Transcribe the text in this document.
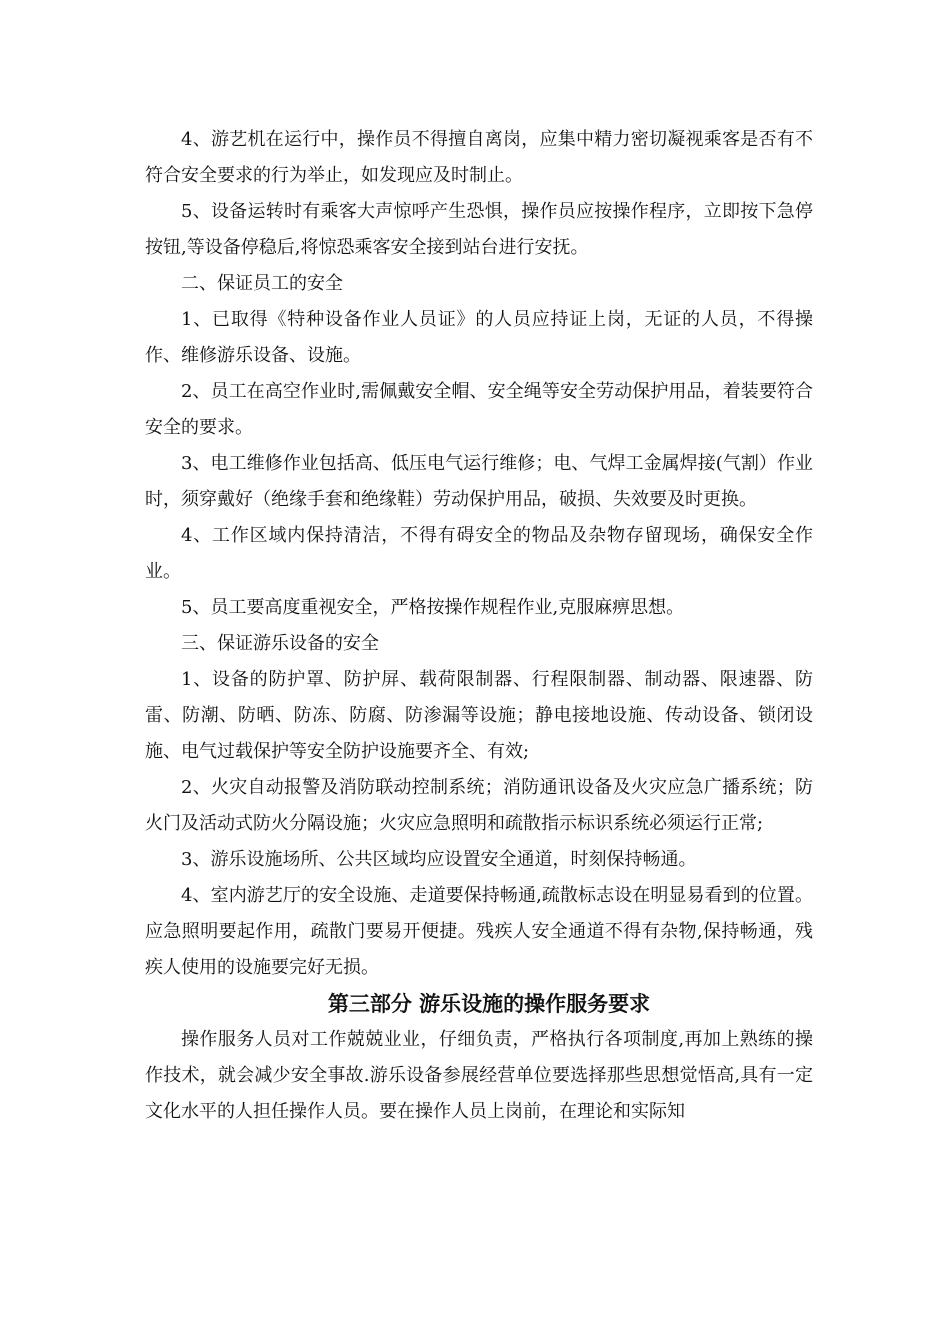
4、游艺机在运行中，操作员不得擅自离岗，应集中精力密切凝视乘客是否有不符合安全要求的行为举止，如发现应及时制止。

5、设备运转时有乘客大声惊呼产生恐惧，操作员应按操作程序，立即按下急停按钮,等设备停稳后,将惊恐乘客安全接到站台进行安抚。

二、保证员工的安全

1、已取得《特种设备作业人员证》的人员应持证上岗，无证的人员，不得操作、维修游乐设备、设施。

2、员工在高空作业时,需佩戴安全帽、安全绳等安全劳动保护用品，着装要符合安全的要求。

3、电工维修作业包括高、低压电气运行维修；电、气焊工金属焊接(气割）作业时，须穿戴好（绝缘手套和绝缘鞋）劳动保护用品，破损、失效要及时更换。

4、工作区域内保持清洁，不得有碍安全的物品及杂物存留现场，确保安全作业。

5、员工要高度重视安全，严格按操作规程作业,克服麻痹思想。

三、保证游乐设备的安全

1、设备的防护罩、防护屏、载荷限制器、行程限制器、制动器、限速器、防雷、防潮、防晒、防冻、防腐、防渗漏等设施；静电接地设施、传动设备、锁闭设施、电气过载保护等安全防护设施要齐全、有效;

2、火灾自动报警及消防联动控制系统；消防通讯设备及火灾应急广播系统；防火门及活动式防火分隔设施；火灾应急照明和疏散指示标识系统必须运行正常;

3、游乐设施场所、公共区域均应设置安全通道，时刻保持畅通。

4、室内游艺厅的安全设施、走道要保持畅通,疏散标志设在明显易看到的位置。应急照明要起作用，疏散门要易开便捷。残疾人安全通道不得有杂物,保持畅通，残疾人使用的设施要完好无损。

第三部分 游乐设施的操作服务要求

操作服务人员对工作兢兢业业，仔细负责，严格执行各项制度,再加上熟练的操作技术，就会减少安全事故.游乐设备参展经营单位要选择那些思想觉悟高,具有一定文化水平的人担任操作人员。要在操作人员上岗前，在理论和实际知
